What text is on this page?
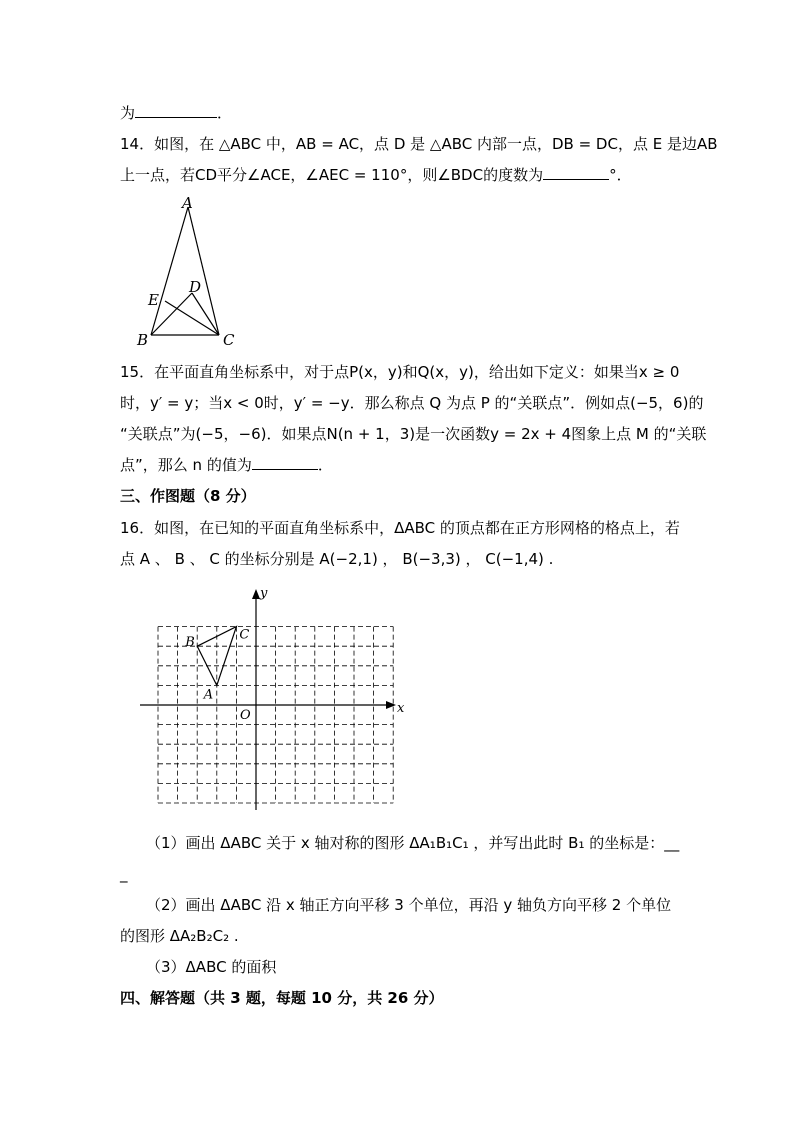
为	．
14．如图，在 △ABC 中，AB = AC，点 D 是 △ABC 内部一点，DB = DC，点 E 是边AB
上一点，若CD平分∠ACE，∠AEC = 110°，则∠BDC的度数为	°．
A
B	C
D
E
15．在平面直角坐标系中，对于点P(x，y)和Q(x，y)，给出如下定义：如果当x ≥ 0
时，y′ = y；当x < 0时，y′ = −y．那么称点 Q 为点 P 的“关联点”．例如点(−5，6)的
“关联点”为(−5，−6)．如果点N(n + 1，3)是一次函数y = 2x + 4图象上点 M 的“关联
点”，那么 n 的值为	．
三、作图题（8 分）
16．如图，在已知的平面直角坐标系中，ΔABC 的顶点都在正方形网格的格点上，若
点 A 、 B 、 C 的坐标分别是 A(−2,1) ， B(−3,3) ， C(−1,4) .
x
y
O
A
B
C
（1）画出 ΔABC 关于 x 轴对称的图形 ΔA₁B₁C₁ ，并写出此时 B₁ 的坐标是：__
_
（2）画出 ΔABC 沿 x 轴正方向平移 3 个单位，再沿 y 轴负方向平移 2 个单位
的图形 ΔA₂B₂C₂ .
（3）ΔABC 的面积
四、解答题（共 3 题，每题 10 分，共 26 分）
